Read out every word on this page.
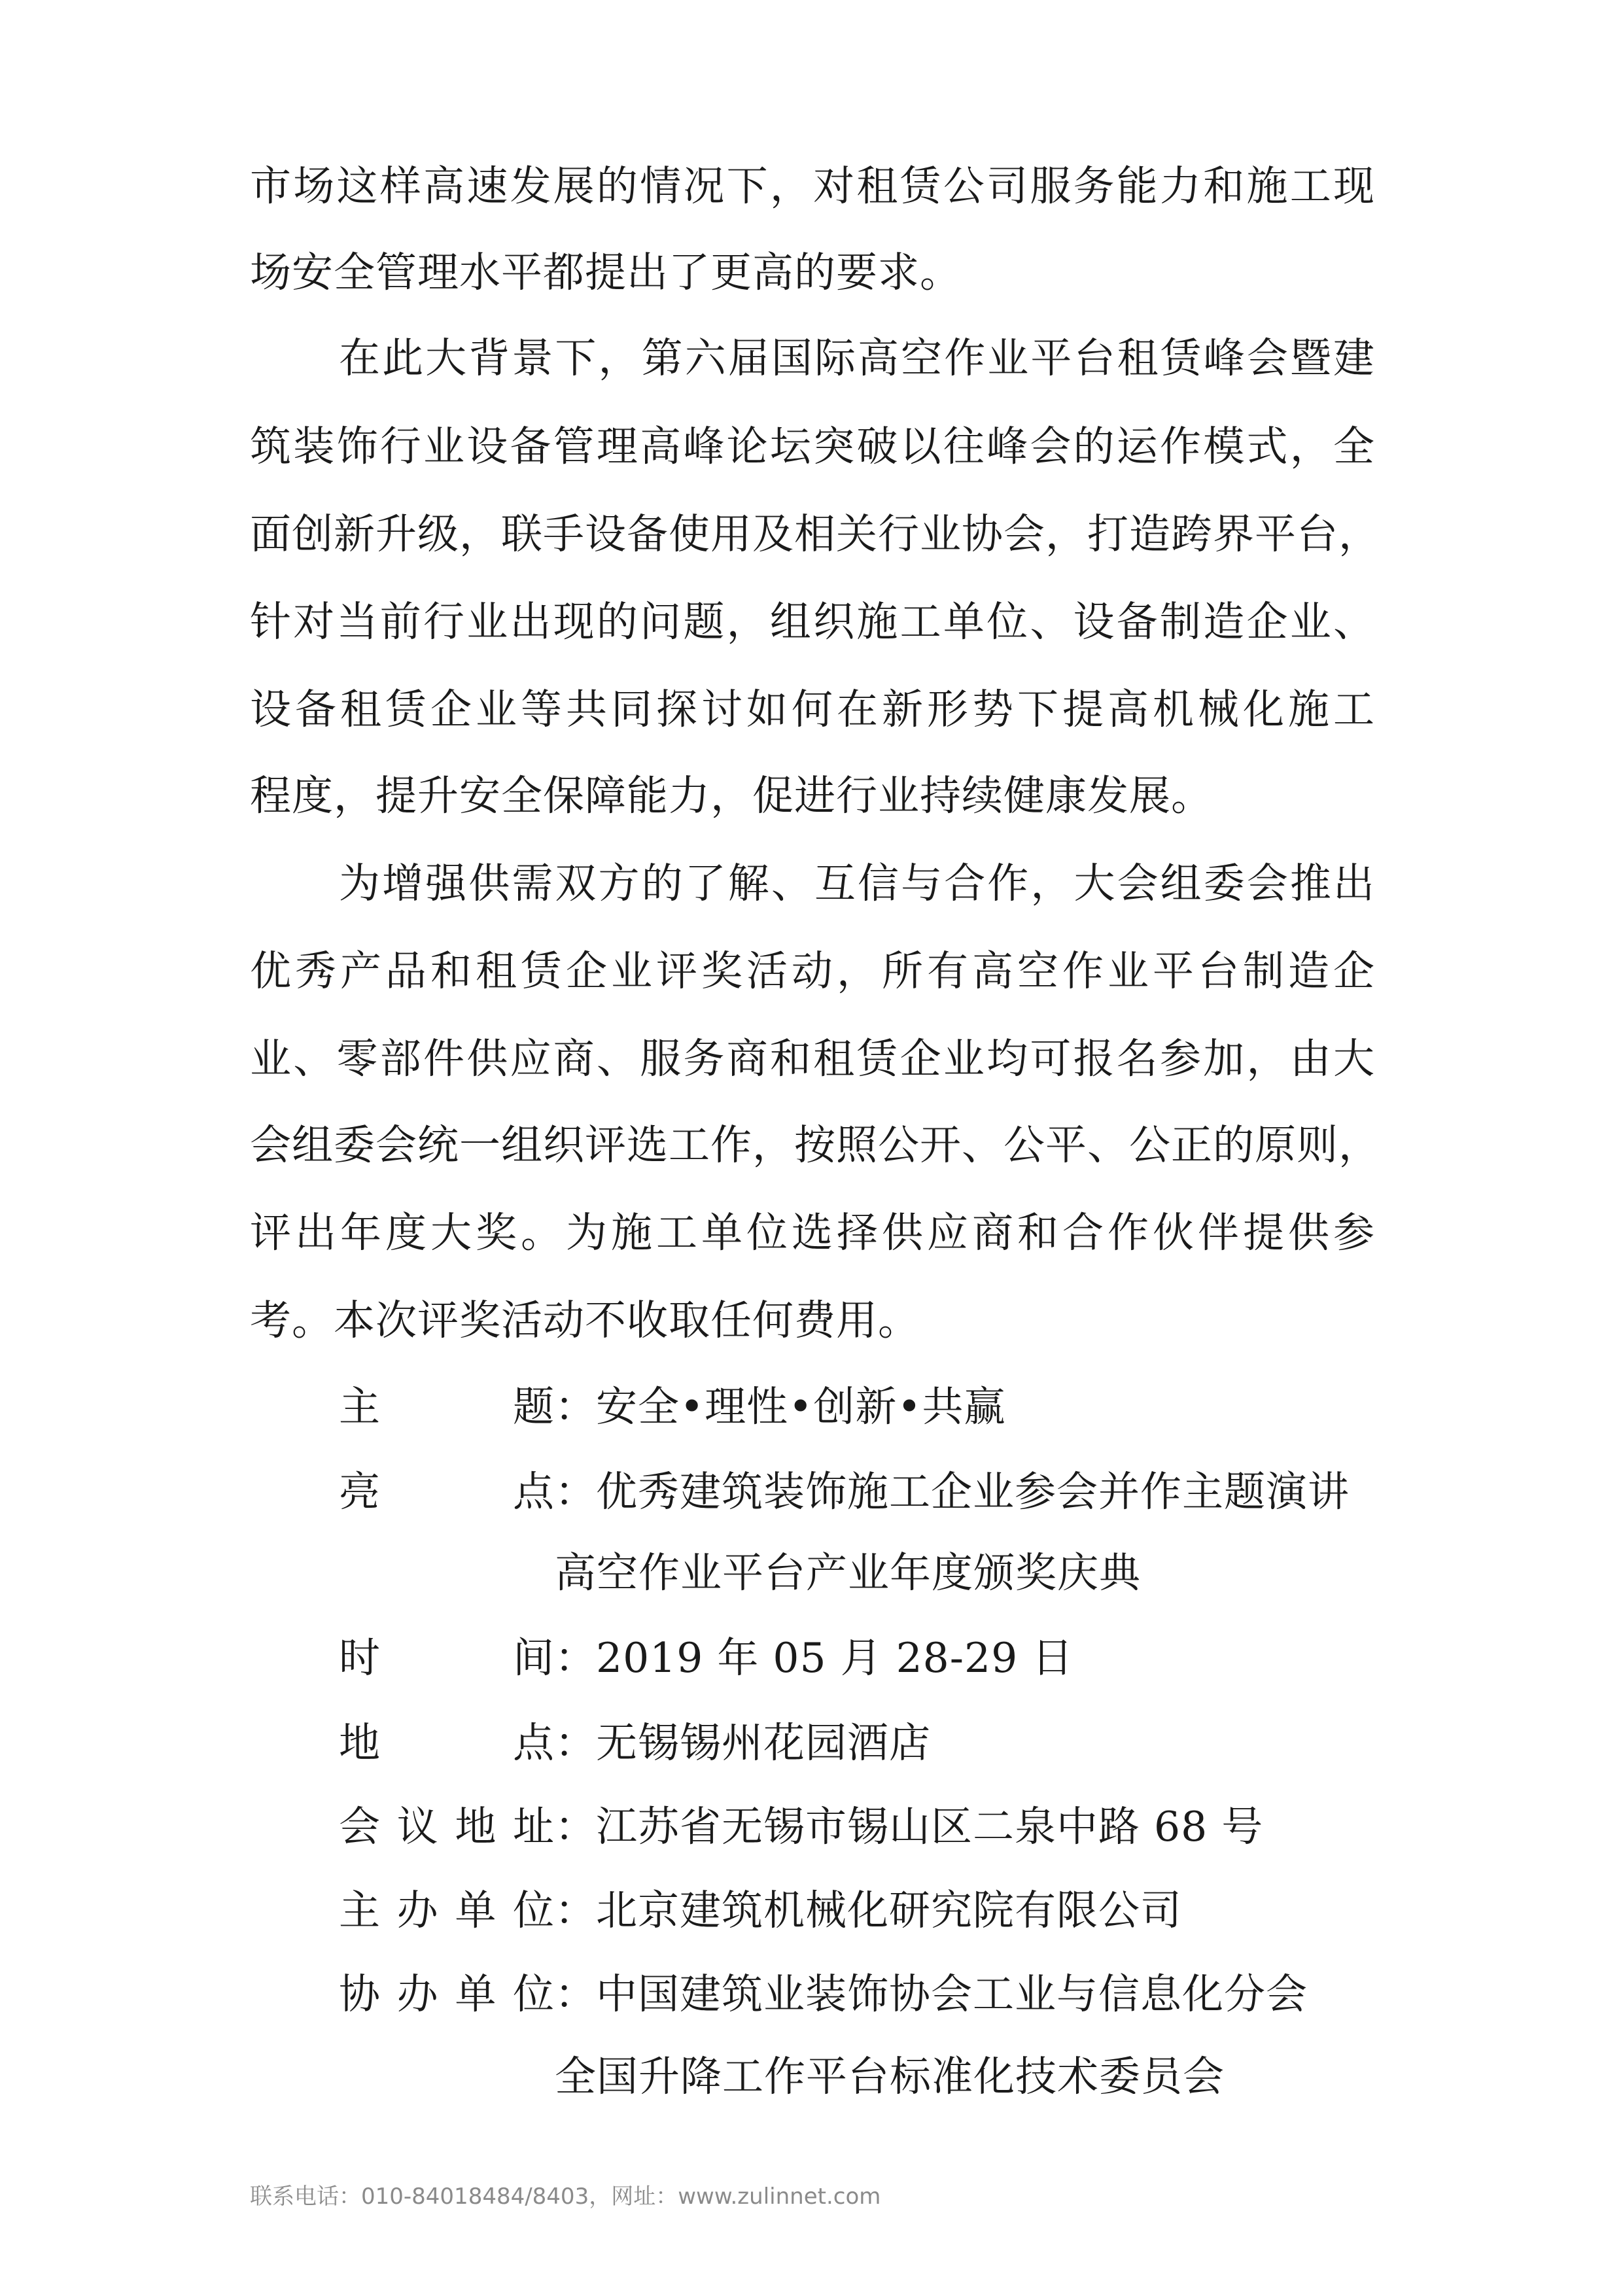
市场这样高速发展的情况下，对租赁公司服务能力和施工现
场安全管理水平都提出了更高的要求。
在此大背景下，第六届国际高空作业平台租赁峰会暨建
筑装饰行业设备管理高峰论坛突破以往峰会的运作模式，全
面创新升级，联手设备使用及相关行业协会，打造跨界平台，
针对当前行业出现的问题，组织施工单位、设备制造企业、
设备租赁企业等共同探讨如何在新形势下提高机械化施工
程度，提升安全保障能力，促进行业持续健康发展。
为增强供需双方的了解、互信与合作，大会组委会推出
优秀产品和租赁企业评奖活动，所有高空作业平台制造企
业、零部件供应商、服务商和租赁企业均可报名参加，由大
会组委会统一组织评选工作，按照公开、公平、公正的原则，
评出年度大奖。为施工单位选择供应商和合作伙伴提供参
考。本次评奖活动不收取任何费用。
主题 ： 安全•理性•创新•共赢
亮点 ： 优秀建筑装饰施工企业参会并作主题演讲
高空作业平台产业年度颁奖庆典
时间 ： 2019 年 05 月 28-29 日
地点 ： 无锡锡州花园酒店
会议地址 ： 江苏省无锡市锡山区二泉中路 68 号
主办单位 ： 北京建筑机械化研究院有限公司
协办单位 ： 中国建筑业装饰协会工业与信息化分会
全国升降工作平台标准化技术委员会
联系电话：010-84018484/8403，网址：www.zulinnet.com
